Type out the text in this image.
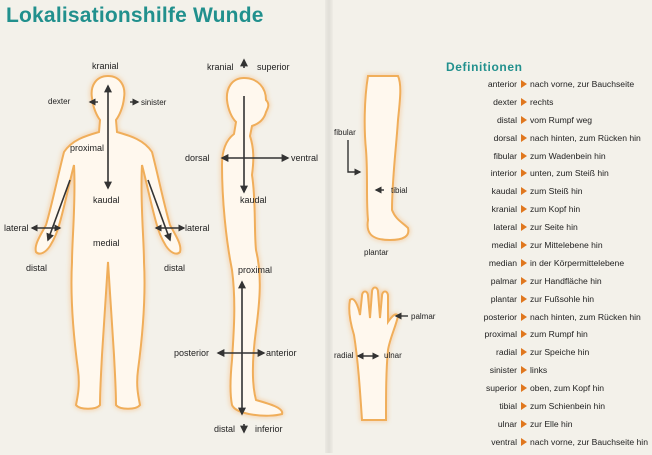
Lokalisationshilfe Wunde
kranial
dexter	sinister
proximal
kaudal
lateral	lateral
medial
distal	distal
kranial	superior
dorsal	ventral
kaudal
proximal
posterior	anterior
distal inferior
fibular
tibial
plantar
palmar
radial	ulnar
Definitionen
anterior nach vorne, zur Bauchseite
dexter rechts
distal vom Rumpf weg
dorsal nach hinten, zum Rücken hin
fibular zum Wadenbein hin
interior unten, zum Steiß hin
kaudal zum Steiß hin
kranial zum Kopf hin
lateral zur Seite hin
medial zur Mittelebene hin
median in der Körpermittelebene
palmar zur Handfläche hin
plantar zur Fußsohle hin
posterior nach hinten, zum Rücken hin
proximal zum Rumpf hin
radial zur Speiche hin
sinister links
superior oben, zum Kopf hin
tibial zum Schienbein hin
ulnar zur Elle hin
ventral nach vorne, zur Bauchseite hin
